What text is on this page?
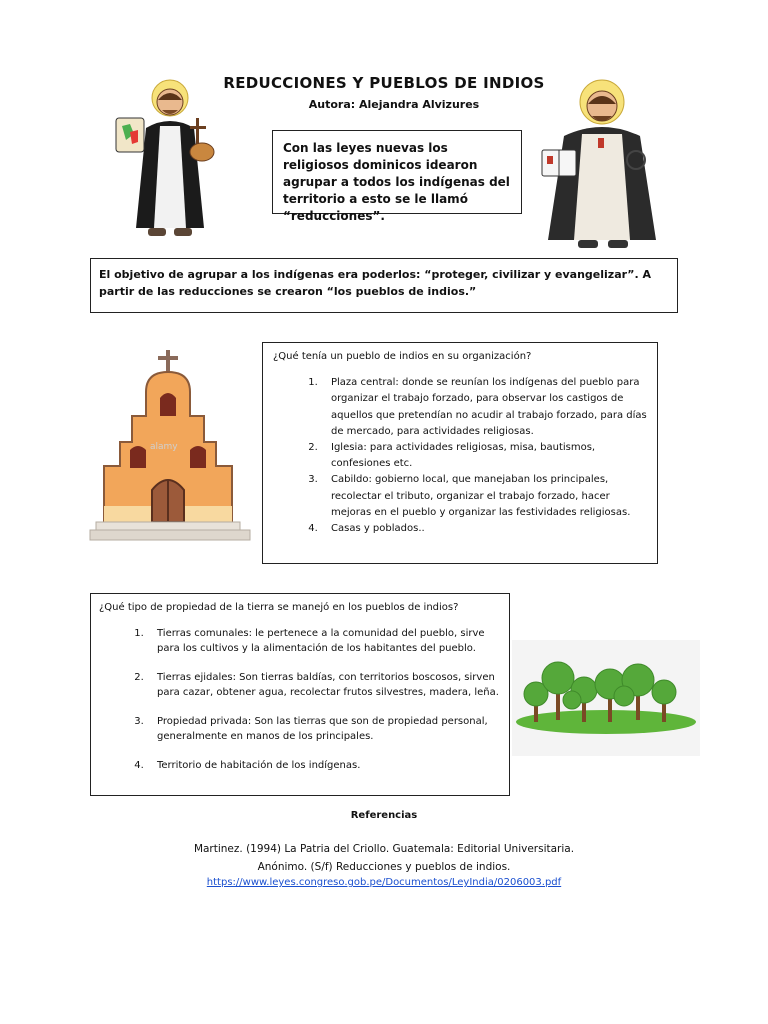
REDUCCIONES Y PUEBLOS DE INDIOS
Autora: Alejandra Alvizures
Con las leyes nuevas los religiosos dominicos idearon agrupar a todos los indígenas del territorio a esto se le llamó “reducciones”.
El objetivo de agrupar a los indígenas era poderlos: “proteger, civilizar y evangelizar”. A partir de las reducciones se crearon “los pueblos de indios.”
alamy
¿Qué tenía un pueblo de indios en su organización?
1. Plaza central: donde se reunían los indígenas del pueblo para organizar el trabajo forzado, para observar los castigos de aquellos que pretendían no acudir al trabajo forzado, para días de mercado, para actividades religiosas.
2. Iglesia: para actividades religiosas, misa, bautismos, confesiones etc.
3. Cabildo: gobierno local, que manejaban los principales, recolectar el tributo, organizar el trabajo forzado, hacer mejoras en el pueblo y organizar las festividades religiosas.
4. Casas y poblados..
¿Qué tipo de propiedad de la tierra se manejó en los pueblos de indios?
1. Tierras comunales: le pertenece a la comunidad del pueblo, sirve para los cultivos y la alimentación de los habitantes del pueblo.
2. Tierras ejidales: Son tierras baldías, con territorios boscosos, sirven para cazar, obtener agua, recolectar frutos silvestres, madera, leña.
3. Propiedad privada: Son las tierras que son de propiedad personal, generalmente en manos de los principales.
4. Territorio de habitación de los indígenas.
Referencias
Martinez. (1994) La Patria del Criollo. Guatemala: Editorial Universitaria.
Anónimo. (S/f) Reducciones y pueblos de indios.
https://www.leyes.congreso.gob.pe/Documentos/LeyIndia/0206003.pdf
